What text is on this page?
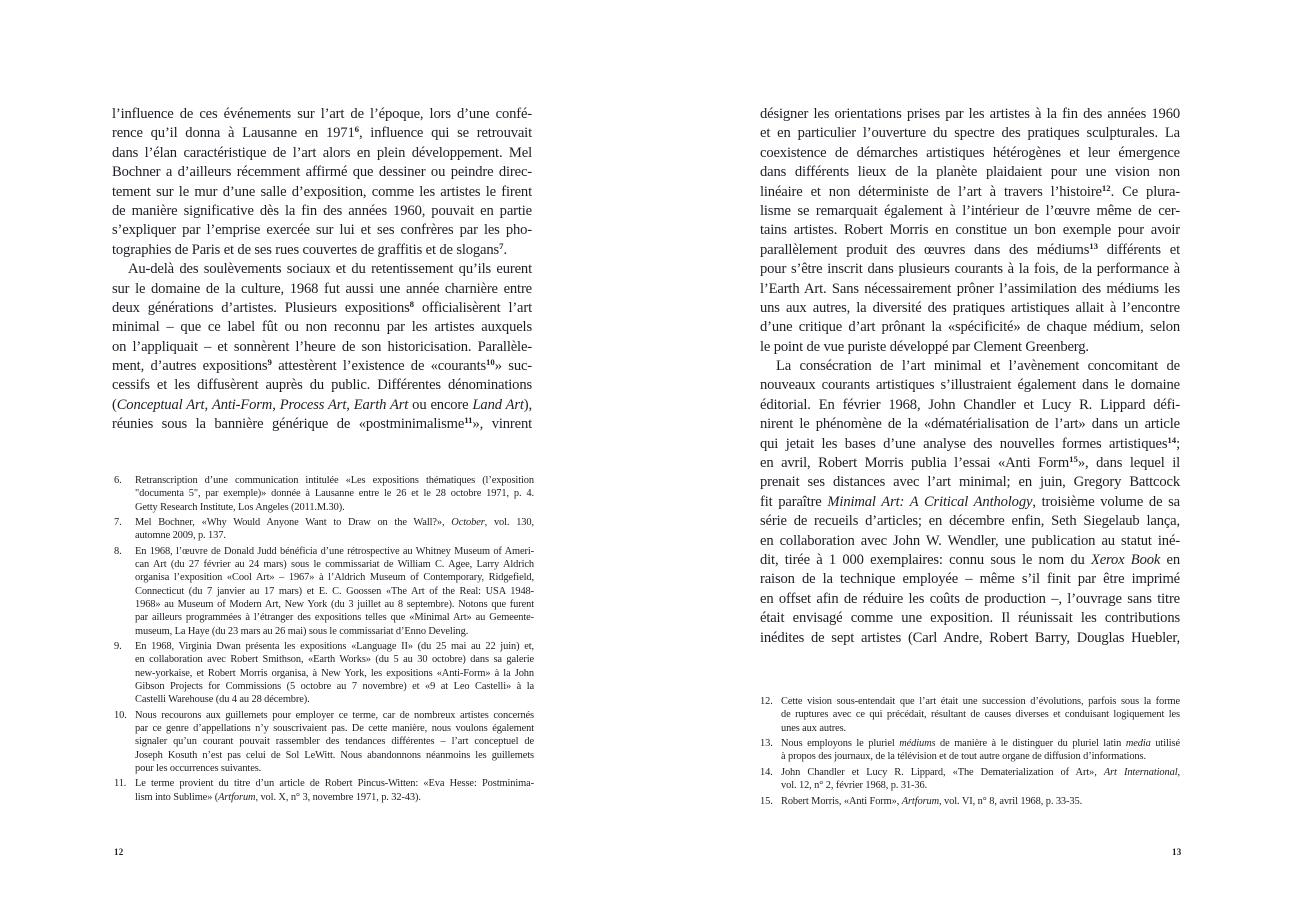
l’influence de ces événements sur l’art de l’époque, lors d’une confé-
rence qu’il donna à Lausanne en 1971$^6$, influence qui se retrouvait
dans l’élan caractéristique de l’art alors en plein développement. Mel
Bochner a d’ailleurs récemment affirmé que dessiner ou peindre direc-
tement sur le mur d’une salle d’exposition, comme les artistes le firent
de manière significative dès la fin des années 1960, pouvait en partie
s’expliquer par l’emprise exercée sur lui et ses confrères par les pho-
tographies de Paris et de ses rues couvertes de graffitis et de slogans$^7$.
Au-delà des soulèvements sociaux et du retentissement qu’ils eurent
sur le domaine de la culture, 1968 fut aussi une année charnière entre
deux générations d’artistes. Plusieurs expositions$^8$ officialisèrent l’art
minimal – que ce label fût ou non reconnu par les artistes auxquels
on l’appliquait – et sonnèrent l’heure de son historicisation. Parallèle-
ment, d’autres expositions$^9$ attestèrent l’existence de «courants$^{10}$» suc-
cessifs et les diffusèrent auprès du public. Différentes dénominations
(Conceptual Art, Anti-Form, Process Art, Earth Art ou encore Land Art),
réunies sous la bannière générique de «postminimalisme$^{11}$», vinrent
6. Retranscription d’une communication intitulée «Les expositions thématiques (l’exposition
"documenta 5", par exemple)» donnée à Lausanne entre le 26 et le 28 octobre 1971, p. 4.
Getty Research Institute, Los Angeles (2011.M.30).
7. Mel Bochner, «Why Would Anyone Want to Draw on the Wall?», October, vol. 130,
automne 2009, p. 137.
8. En 1968, l’œuvre de Donald Judd bénéficia d’une rétrospective au Whitney Museum of Ameri-
can Art (du 27 février au 24 mars) sous le commissariat de William C. Agee, Larry Aldrich
organisa l’exposition «Cool Art» – 1967» à l’Aldrich Museum of Contemporary, Ridgefield,
Connecticut (du 7 janvier au 17 mars) et E. C. Goossen «The Art of the Real: USA 1948-
1968» au Museum of Modern Art, New York (du 3 juillet au 8 septembre). Notons que furent
par ailleurs programmées à l’étranger des expositions telles que «Minimal Art» au Gemeente-
museum, La Haye (du 23 mars au 26 mai) sous le commissariat d’Enno Develing.
9. En 1968, Virginia Dwan présenta les expositions «Language II» (du 25 mai au 22 juin) et,
en collaboration avec Robert Smithson, «Earth Works» (du 5 au 30 octobre) dans sa galerie
new-yorkaise, et Robert Morris organisa, à New York, les expositions «Anti-Form» à la John
Gibson Projects for Commissions (5 octobre au 7 novembre) et «9 at Leo Castelli» à la
Castelli Warehouse (du 4 au 28 décembre).
10. Nous recourons aux guillemets pour employer ce terme, car de nombreux artistes concernés
par ce genre d’appellations n’y souscrivaient pas. De cette manière, nous voulons également
signaler qu’un courant pouvait rassembler des tendances différentes – l’art conceptuel de
Joseph Kosuth n’est pas celui de Sol LeWitt. Nous abandonnons néanmoins les guillemets
pour les occurrences suivantes.
11. Le terme provient du titre d’un article de Robert Pincus-Witten: «Eva Hesse: Postminima-
lism into Sublime» (Artforum, vol. X, n° 3, novembre 1971, p. 32-43).
12
désigner les orientations prises par les artistes à la fin des années 1960
et en particulier l’ouverture du spectre des pratiques sculpturales. La
coexistence de démarches artistiques hétérogènes et leur émergence
dans différents lieux de la planète plaidaient pour une vision non
linéaire et non déterministe de l’art à travers l’histoire$^{12}$. Ce plura-
lisme se remarquait également à l’intérieur de l’œuvre même de cer-
tains artistes. Robert Morris en constitue un bon exemple pour avoir
parallèlement produit des œuvres dans des médiums$^{13}$ différents et
pour s’être inscrit dans plusieurs courants à la fois, de la performance à
l’Earth Art. Sans nécessairement prôner l’assimilation des médiums les
uns aux autres, la diversité des pratiques artistiques allait à l’encontre
d’une critique d’art prônant la «spécificité» de chaque médium, selon
le point de vue puriste développé par Clement Greenberg.
La consécration de l’art minimal et l’avènement concomitant de
nouveaux courants artistiques s’illustraient également dans le domaine
éditorial. En février 1968, John Chandler et Lucy R. Lippard défi-
nirent le phénomène de la «dématérialisation de l’art» dans un article
qui jetait les bases d’une analyse des nouvelles formes artistiques$^{14}$;
en avril, Robert Morris publia l’essai «Anti Form$^{15}$», dans lequel il
prenait ses distances avec l’art minimal; en juin, Gregory Battcock
fit paraître Minimal Art: A Critical Anthology, troisième volume de sa
série de recueils d’articles; en décembre enfin, Seth Siegelaub lança,
en collaboration avec John W. Wendler, une publication au statut iné-
dit, tirée à 1 000 exemplaires: connu sous le nom du Xerox Book en
raison de la technique employée – même s’il finit par être imprimé
en offset afin de réduire les coûts de production –, l’ouvrage sans titre
était envisagé comme une exposition. Il réunissait les contributions
inédites de sept artistes (Carl Andre, Robert Barry, Douglas Huebler,
12. Cette vision sous-entendait que l’art était une succession d’évolutions, parfois sous la forme
de ruptures avec ce qui précédait, résultant de causes diverses et conduisant logiquement les
unes aux autres.
13. Nous employons le pluriel médiums de manière à le distinguer du pluriel latin media utilisé
à propos des journaux, de la télévision et de tout autre organe de diffusion d’informations.
14. John Chandler et Lucy R. Lippard, «The Dematerialization of Art», Art International,
vol. 12, n° 2, février 1968, p. 31-36.
15. Robert Morris, «Anti Form», Artforum, vol. VI, n° 8, avril 1968, p. 33-35.
13
